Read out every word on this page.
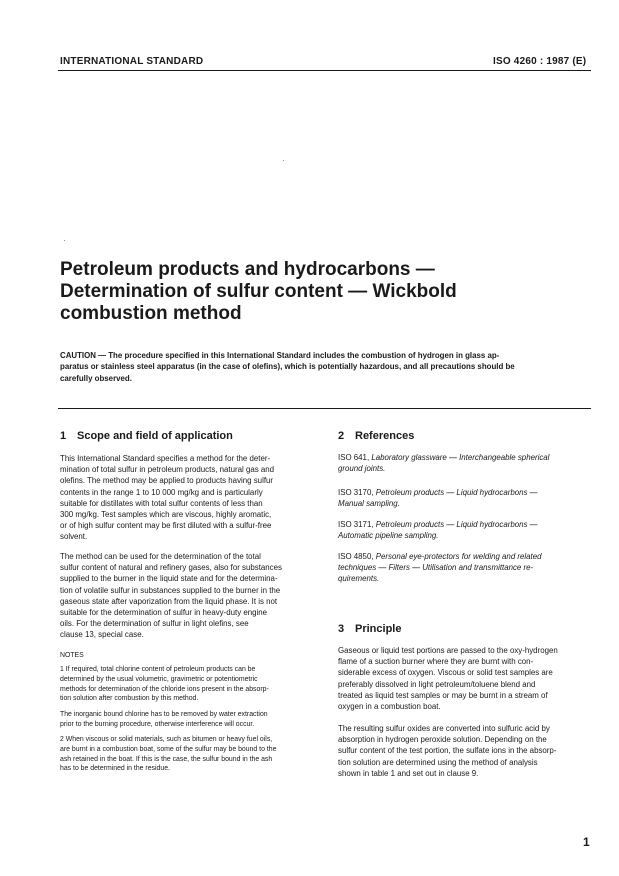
INTERNATIONAL STANDARD	ISO 4260 : 1987 (E)
Petroleum products and hydrocarbons —
Determination of sulfur content — Wickbold
combustion method
CAUTION — The procedure specified in this International Standard includes the combustion of hydrogen in glass ap-
paratus or stainless steel apparatus (in the case of olefins), which is potentially hazardous, and all precautions should be
carefully observed.
1 Scope and field of application
This International Standard specifies a method for the deter-
mination of total sulfur in petroleum products, natural gas and
olefins. The method may be applied to products having sulfur
contents in the range 1 to 10 000 mg/kg and is particularly
suitable for distillates with total sulfur contents of less than
300 mg/kg. Test samples which are viscous, highly aromatic,
or of high sulfur content may be first diluted with a sulfur-free
solvent.
The method can be used for the determination of the total
sulfur content of natural and refinery gases, also for substances
supplied to the burner in the liquid state and for the determina-
tion of volatile sulfur in substances supplied to the burner in the
gaseous state after vaporization from the liquid phase. It is not
suitable for the determination of sulfur in heavy-duty engine
oils. For the determination of sulfur in light olefins, see
clause 13, special case.
NOTES
1 If required, total chlorine content of petroleum products can be
determined by the usual volumetric, gravimetric or potentiometric
methods for determination of the chloride ions present in the absorp-
tion solution after combustion by this method.
The inorganic bound chlorine has to be removed by water extraction
prior to the burning procedure, otherwise interference will occur.
2 When viscous or solid materials, such as bitumen or heavy fuel oils,
are burnt in a combustion boat, some of the sulfur may be bound to the
ash retained in the boat. If this is the case, the sulfur bound in the ash
has to be determined in the residue.
2 References
ISO 641, Laboratory glassware — Interchangeable spherical
ground joints.
ISO 3170, Petroleum products — Liquid hydrocarbons —
Manual sampling.
ISO 3171, Petroleum products — Liquid hydrocarbons —
Automatic pipeline sampling.
ISO 4850, Personal eye-protectors for welding and related
techniques — Filters — Utilisation and transmittance re-
quirements.
3 Principle
Gaseous or liquid test portions are passed to the oxy-hydrogen
flame of a suction burner where they are burnt with con-
siderable excess of oxygen. Viscous or solid test samples are
preferably dissolved in light petroleum/toluene blend and
treated as liquid test samples or may be burnt in a stream of
oxygen in a combustion boat.
The resulting sulfur oxides are converted into sulfuric acid by
absorption in hydrogen peroxide solution. Depending on the
sulfur content of the test portion, the sulfate ions in the absorp-
tion solution are determined using the method of analysis
shown in table 1 and set out in clause 9.
1
